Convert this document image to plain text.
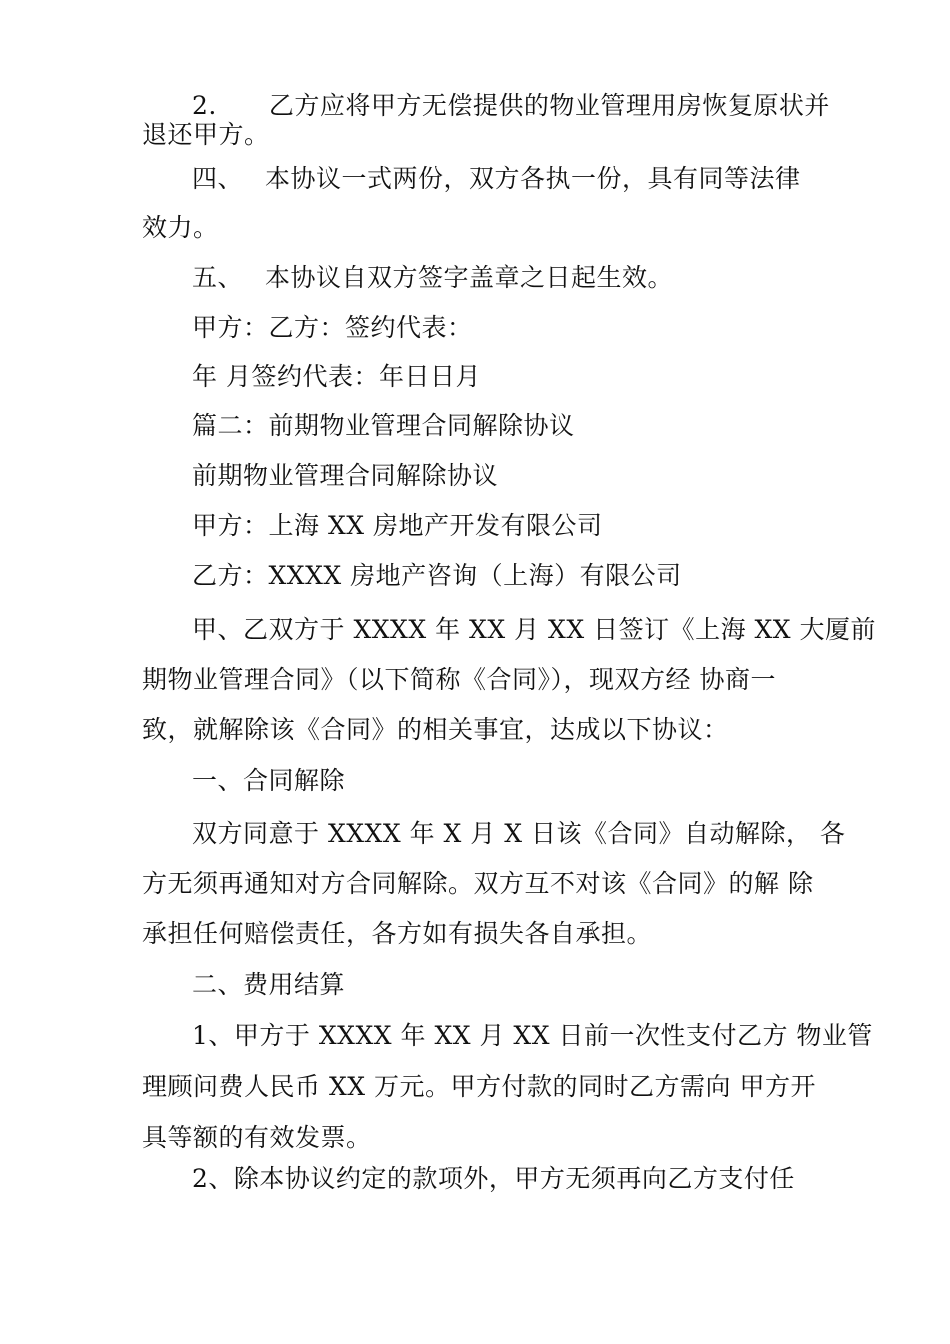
2. 乙方应将甲方无偿提供的物业管理用房恢复原状并
退还甲方。
四、 本协议一式两份，双方各执一份，具有同等法律
效力。
五、 本协议自双方签字盖章之日起生效。
甲方：乙方：签约代表：
年 月签约代表：年日日月
篇二：前期物业管理合同解除协议
前期物业管理合同解除协议
甲方：上海 XX 房地产开发有限公司
乙方：XXXX 房地产咨询（上海）有限公司
甲、乙双方于 XXXX 年 XX 月 XX 日签订《上海 XX 大厦前
期物业管理合同》（以下简称《合同》），现双方经 协商一
致，就解除该《合同》的相关事宜，达成以下协议：
一、合同解除
双方同意于 XXXX 年 X 月 X 日该《合同》自动解除， 各
方无须再通知对方合同解除。双方互不对该《合同》的解 除
承担任何赔偿责任，各方如有损失各自承担。
二、费用结算
1、甲方于 XXXX 年 XX 月 XX 日前一次性支付乙方 物业管
理顾问费人民币 XX 万元。甲方付款的同时乙方需向 甲方开
具等额的有效发票。
2、除本协议约定的款项外，甲方无须再向乙方支付任
